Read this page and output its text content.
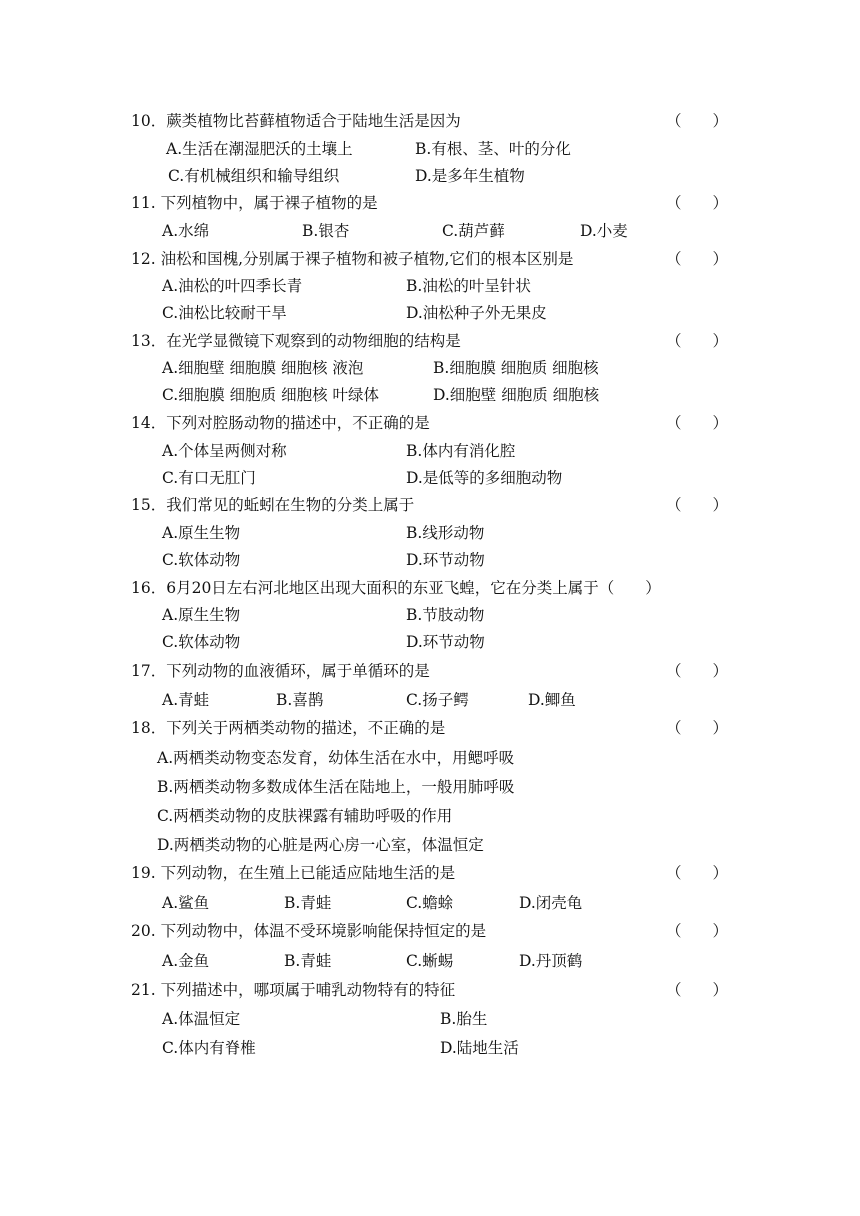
10．蕨类植物比苔藓植物适合于陆地生活是因为	（　　）
A.生活在潮湿肥沃的土壤上	B.有根、茎、叶的分化
C.有机械组织和输导组织	D.是多年生植物
11. 下列植物中，属于裸子植物的是	（　　）
A.水绵	B.银杏	C.葫芦藓	D.小麦
12. 油松和国槐,分别属于裸子植物和被子植物,它们的根本区别是	（　　）
A.油松的叶四季长青	B.油松的叶呈针状
C.油松比较耐干旱	D.油松种子外无果皮
13．在光学显微镜下观察到的动物细胞的结构是	（　　）
A.细胞壁 细胞膜 细胞核 液泡	B.细胞膜 细胞质 细胞核
C.细胞膜 细胞质 细胞核 叶绿体	D.细胞壁 细胞质 细胞核
14．下列对腔肠动物的描述中，不正确的是	（　　）
A.个体呈两侧对称	B.体内有消化腔
C.有口无肛门	D.是低等的多细胞动物
15．我们常见的蚯蚓在生物的分类上属于	（　　）
A.原生生物	B.线形动物
C.软体动物	D.环节动物
16．6月20日左右河北地区出现大面积的东亚飞蝗，它在分类上属于（　　）
A.原生生物	B.节肢动物
C.软体动物	D.环节动物
17．下列动物的血液循环，属于单循环的是	（　　）
A.青蛙	B.喜鹊	C.扬子鳄	D.鲫鱼
18．下列关于两栖类动物的描述，不正确的是	（　　）
A.两栖类动物变态发育，幼体生活在水中，用鳃呼吸
B.两栖类动物多数成体生活在陆地上，一般用肺呼吸
C.两栖类动物的皮肤裸露有辅助呼吸的作用
D.两栖类动物的心脏是两心房一心室，体温恒定
19. 下列动物，在生殖上已能适应陆地生活的是	（　　）
A.鲨鱼	B.青蛙	C.蟾蜍	D.闭壳龟
20. 下列动物中，体温不受环境影响能保持恒定的是	（　　）
A.金鱼	B.青蛙	C.蜥蜴	D.丹顶鹤
21. 下列描述中，哪项属于哺乳动物特有的特征	（　　）
A.体温恒定	B.胎生
C.体内有脊椎	D.陆地生活
